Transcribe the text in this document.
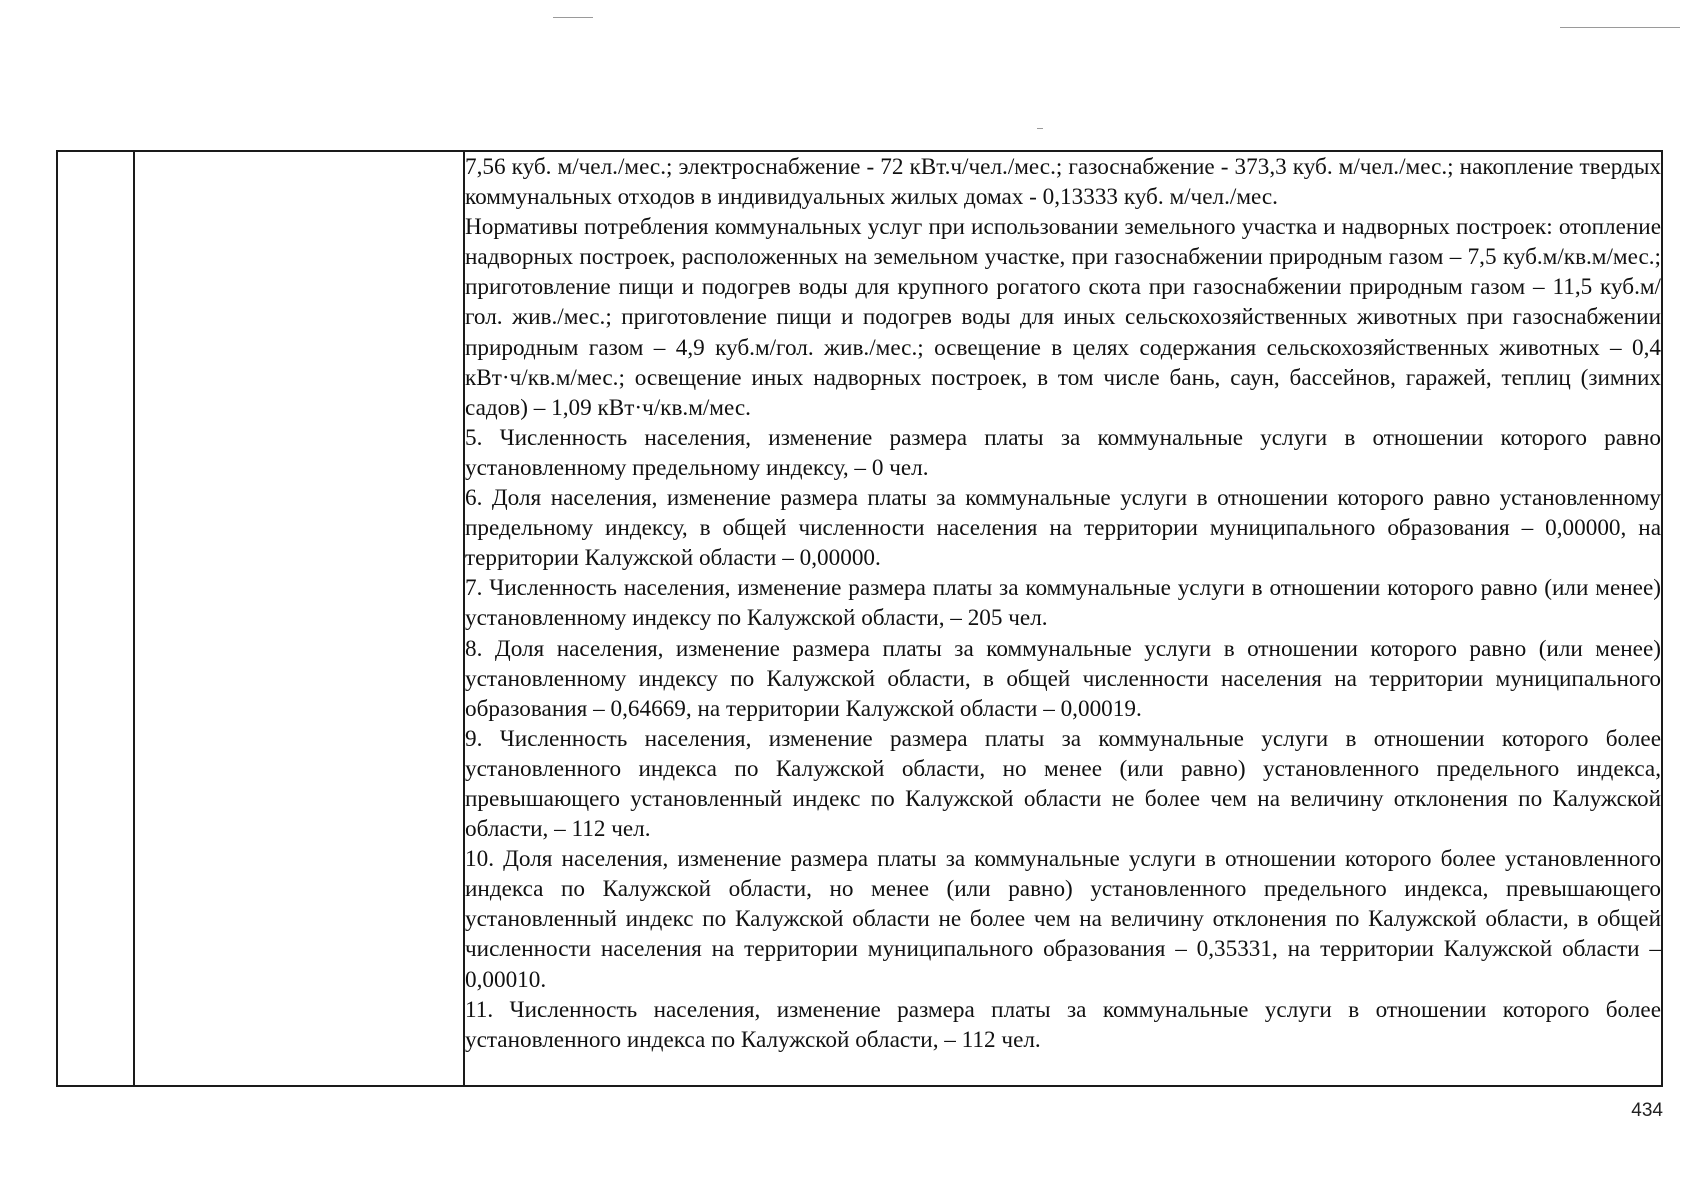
7,56 куб. м/чел./мес.; электроснабжение - 72 кВт.ч/чел./мес.; газоснабжение - 373,3 куб. м/чел./мес.; накопление твердых коммунальных отходов в индивидуальных жилых домах - 0,13333 куб. м/чел./мес.

Нормативы потребления коммунальных услуг при использовании земельного участка и надворных построек: отопление надворных построек, расположенных на земельном участке, при газоснабжении природным газом – 7,5 куб.м/кв.м/мес.; приготовление пищи и подогрев воды для крупного рогатого скота при газоснабжении природным газом – 11,5 куб.м/гол. жив./мес.; приготовление пищи и подогрев воды для иных сельскохозяйственных животных при газоснабжении природным газом – 4,9 куб.м/гол. жив./мес.; освещение в целях содержания сельскохозяйственных животных – 0,4 кВт·ч/кв.м/мес.; освещение иных надворных построек, в том числе бань, саун, бассейнов, гаражей, теплиц (зимних садов) – 1,09 кВт·ч/кв.м/мес.

5. Численность населения, изменение размера платы за коммунальные услуги в отношении которого равно установленному предельному индексу, – 0 чел.

6. Доля населения, изменение размера платы за коммунальные услуги в отношении которого равно установленному предельному индексу, в общей численности населения на территории муниципального образования – 0,00000, на территории Калужской области – 0,00000.

7. Численность населения, изменение размера платы за коммунальные услуги в отношении которого равно (или менее) установленному индексу по Калужской области, – 205 чел.

8. Доля населения, изменение размера платы за коммунальные услуги в отношении которого равно (или менее) установленному индексу по Калужской области, в общей численности населения на территории муниципального образования – 0,64669, на территории Калужской области – 0,00019.

9. Численность населения, изменение размера платы за коммунальные услуги в отношении которого более установленного индекса по Калужской области, но менее (или равно) установленного предельного индекса, превышающего установленный индекс по Калужской области не более чем на величину отклонения по Калужской области, – 112 чел.

10. Доля населения, изменение размера платы за коммунальные услуги в отношении которого более установленного индекса по Калужской области, но менее (или равно) установленного предельного индекса, превышающего установленный индекс по Калужской области не более чем на величину отклонения по Калужской области, в общей численности населения на территории муниципального образования – 0,35331, на территории Калужской области – 0,00010.

11. Численность населения, изменение размера платы за коммунальные услуги в отношении которого более установленного индекса по Калужской области, – 112 чел.

434
